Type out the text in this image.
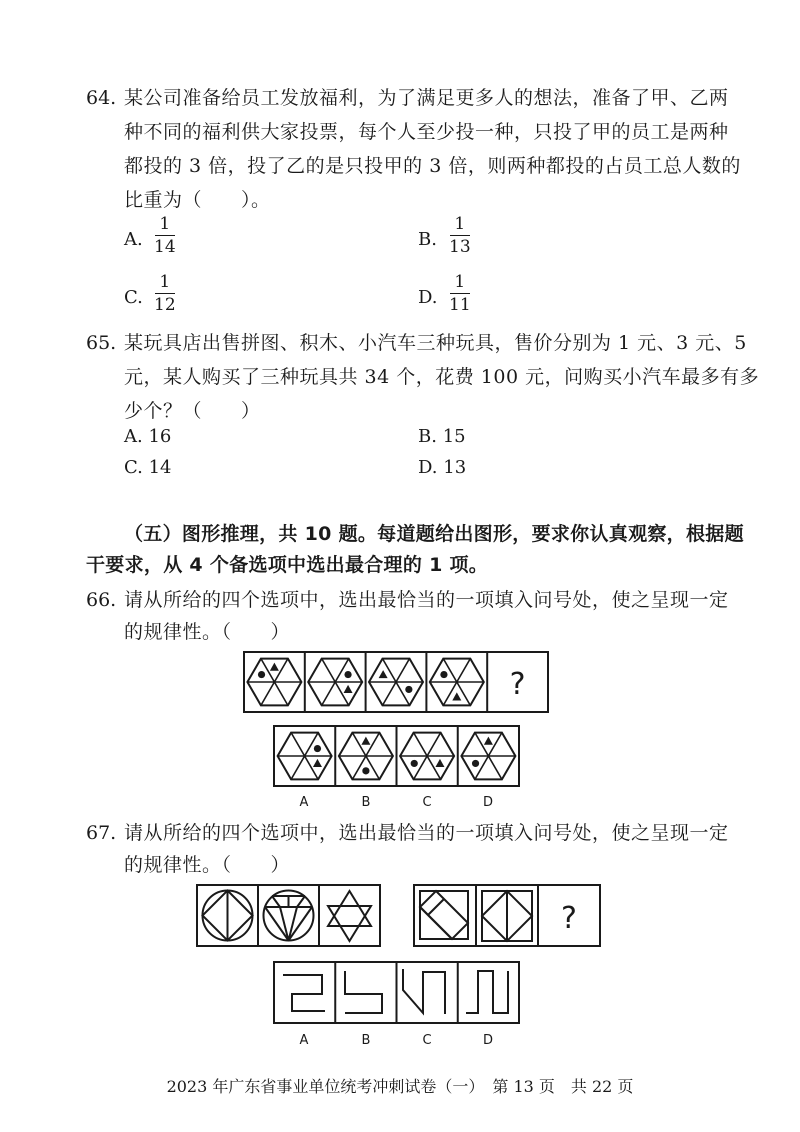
64. 某公司准备给员工发放福利，为了满足更多人的想法，准备了甲、乙两
种不同的福利供大家投票，每个人至少投一种，只投了甲的员工是两种
都投的 3 倍，投了乙的是只投甲的 3 倍，则两种都投的占员工总人数的
比重为（　　）。
A.
1
14	B.
1
13
C.
1
12	D.
1
11
65. 某玩具店出售拼图、积木、小汽车三种玩具，售价分别为 1 元、3 元、5
元，某人购买了三种玩具共 34 个，花费 100 元，问购买小汽车最多有多
少个？（　　）
A. 16	B. 15
C. 14	D. 13
（五）图形推理，共 10 题。每道题给出图形，要求你认真观察，根据题
干要求，从 4 个备选项中选出最合理的 1 项。
66. 请从所给的四个选项中，选出最恰当的一项填入问号处，使之呈现一定
的规律性。（　　）
?
A	B	C	D
?
A	B	C	D
67. 请从所给的四个选项中，选出最恰当的一项填入问号处，使之呈现一定
的规律性。（　　）
2023 年广东省事业单位统考冲刺试卷（一）　第 13 页　共 22 页
